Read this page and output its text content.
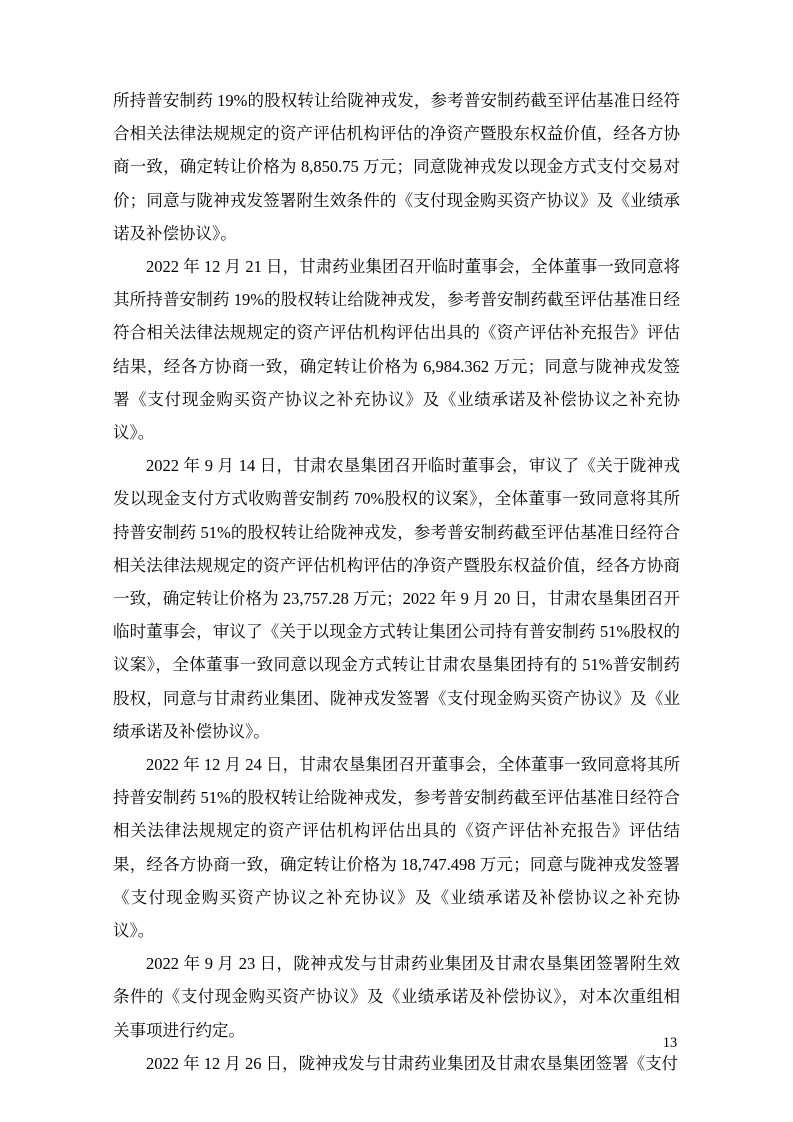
所持普安制药 19%的股权转让给陇神戎发，参考普安制药截至评估基准日经符合相关法律法规规定的资产评估机构评估的净资产暨股东权益价值，经各方协商一致，确定转让价格为 8,850.75 万元；同意陇神戎发以现金方式支付交易对价；同意与陇神戎发签署附生效条件的《支付现金购买资产协议》及《业绩承诺及补偿协议》。

2022 年 12 月 21 日，甘肃药业集团召开临时董事会，全体董事一致同意将其所持普安制药 19%的股权转让给陇神戎发，参考普安制药截至评估基准日经符合相关法律法规规定的资产评估机构评估出具的《资产评估补充报告》评估结果，经各方协商一致，确定转让价格为 6,984.362 万元；同意与陇神戎发签署《支付现金购买资产协议之补充协议》及《业绩承诺及补偿协议之补充协议》。

2022 年 9 月 14 日，甘肃农垦集团召开临时董事会，审议了《关于陇神戎发以现金支付方式收购普安制药 70%股权的议案》，全体董事一致同意将其所持普安制药 51%的股权转让给陇神戎发，参考普安制药截至评估基准日经符合相关法律法规规定的资产评估机构评估的净资产暨股东权益价值，经各方协商一致，确定转让价格为 23,757.28 万元；2022 年 9 月 20 日，甘肃农垦集团召开临时董事会，审议了《关于以现金方式转让集团公司持有普安制药 51%股权的议案》，全体董事一致同意以现金方式转让甘肃农垦集团持有的 51%普安制药股权，同意与甘肃药业集团、陇神戎发签署《支付现金购买资产协议》及《业绩承诺及补偿协议》。

2022 年 12 月 24 日，甘肃农垦集团召开董事会，全体董事一致同意将其所持普安制药 51%的股权转让给陇神戎发，参考普安制药截至评估基准日经符合相关法律法规规定的资产评估机构评估出具的《资产评估补充报告》评估结果，经各方协商一致，确定转让价格为 18,747.498 万元；同意与陇神戎发签署《支付现金购买资产协议之补充协议》及《业绩承诺及补偿协议之补充协议》。

2022 年 9 月 23 日，陇神戎发与甘肃药业集团及甘肃农垦集团签署附生效条件的《支付现金购买资产协议》及《业绩承诺及补偿协议》，对本次重组相关事项进行约定。

2022 年 12 月 26 日，陇神戎发与甘肃药业集团及甘肃农垦集团签署《支付

13
